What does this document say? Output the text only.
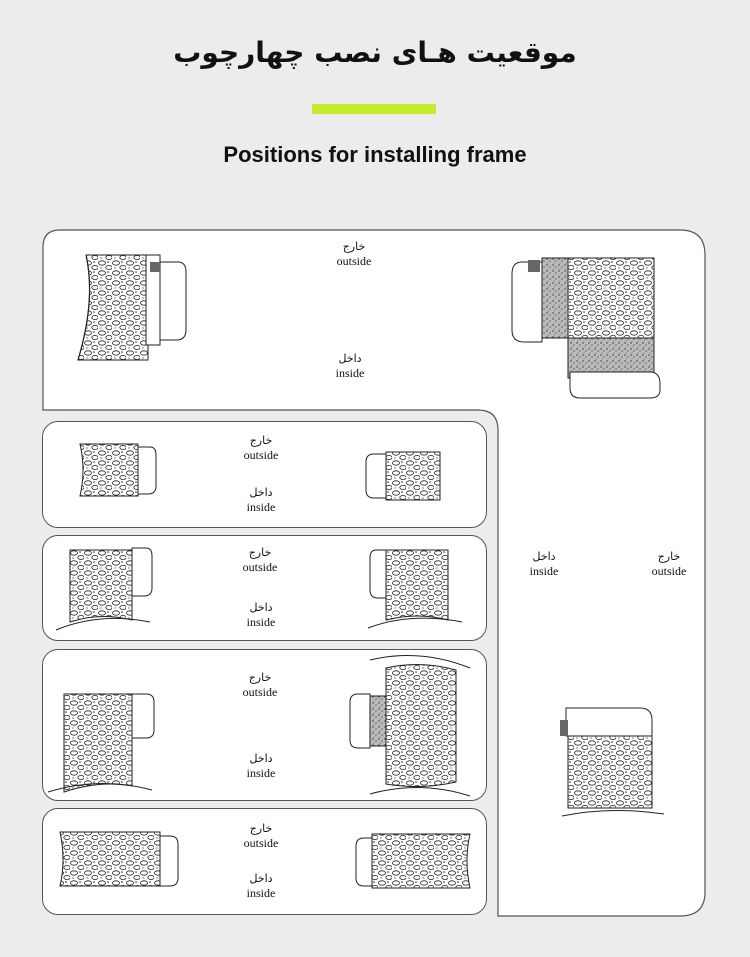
موقعیت هـای نصب چهارچوب
Positions for installing frame
خارج
outside
داخل
inside
خارج
outside
داخل
inside
خارج
outside
داخل
inside
خارج
outside
داخل
inside
خارج
outside
داخل
inside
داخل
inside
خارج
outside
